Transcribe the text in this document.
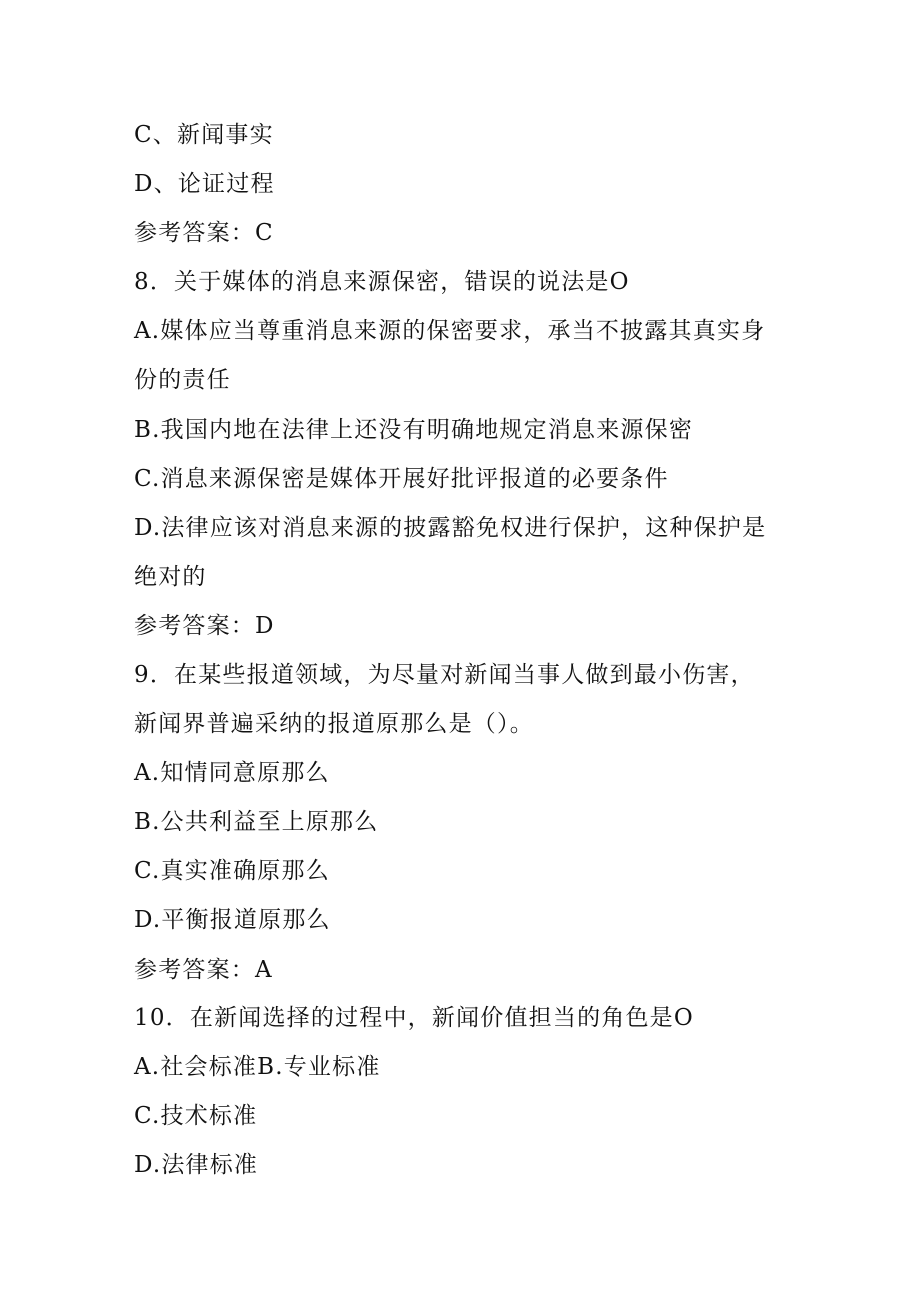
C、新闻事实
D、论证过程
参考答案：C
8．关于媒体的消息来源保密，错误的说法是O
A.媒体应当尊重消息来源的保密要求，承当不披露其真实身
份的责任
B.我国内地在法律上还没有明确地规定消息来源保密
C.消息来源保密是媒体开展好批评报道的必要条件
D.法律应该对消息来源的披露豁免权进行保护，这种保护是
绝对的
参考答案：D
9．在某些报道领域，为尽量对新闻当事人做到最小伤害，
新闻界普遍采纳的报道原那么是（）。
A.知情同意原那么
B.公共利益至上原那么
C.真实准确原那么
D.平衡报道原那么
参考答案：A
10．在新闻选择的过程中，新闻价值担当的角色是O
A.社会标准B.专业标准
C.技术标准
D.法律标准
